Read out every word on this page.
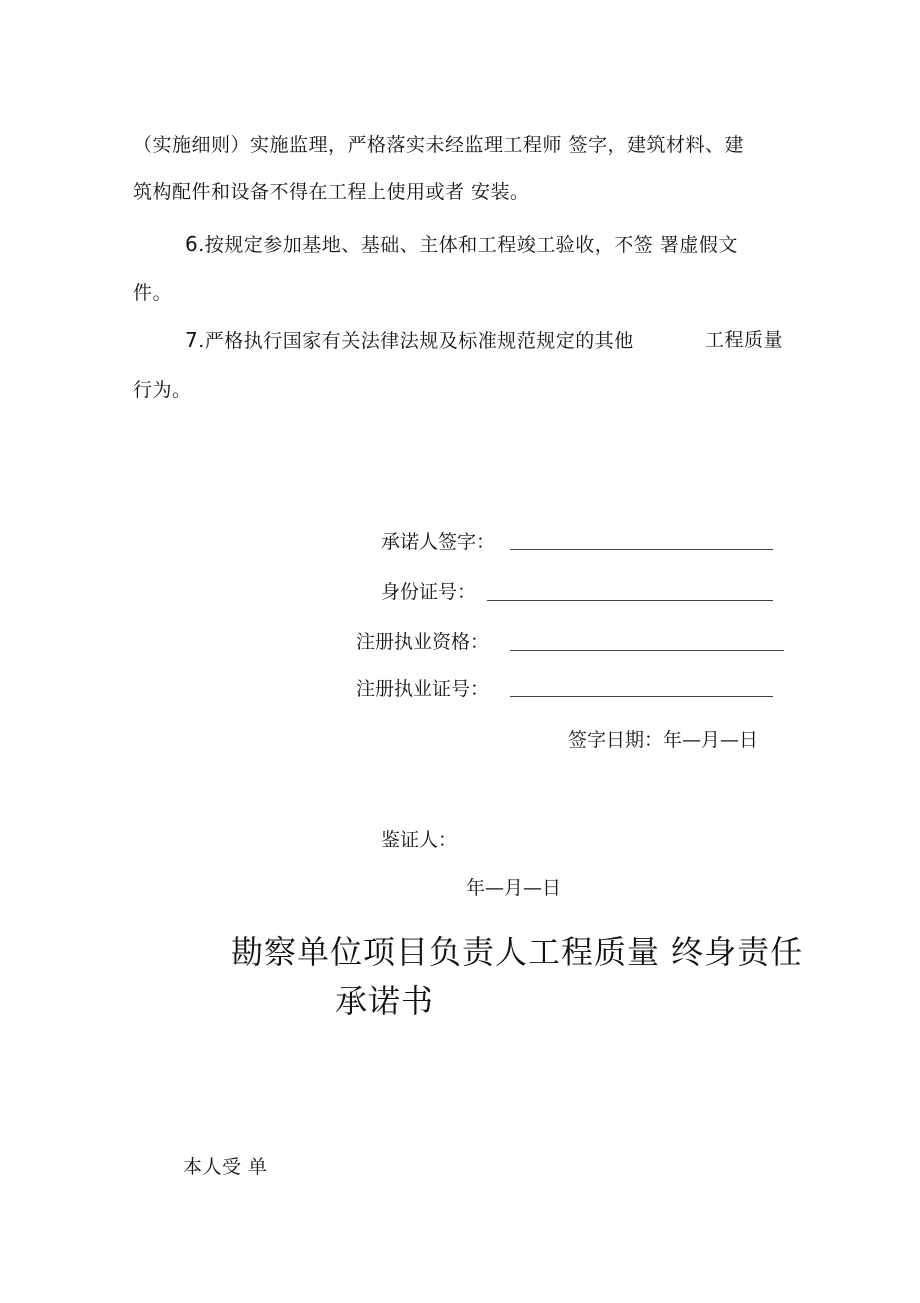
（实施细则）实施监理，严格落实未经监理工程师 签字，建筑材料、建
筑构配件和设备不得在工程上使用或者 安装。
6.按规定参加基地、基础、主体和工程竣工验收，不签 署虚假文
件。
7.严格执行国家有关法律法规及标准规范规定的其他	工程质量
行为。
承诺人签字：
身份证号：
注册执业资格：
注册执业证号：
签字日期：年—月—日
鉴证人：
年—月—日
勘察单位项目负责人工程质量 终身责任
承诺书
本人受 单
